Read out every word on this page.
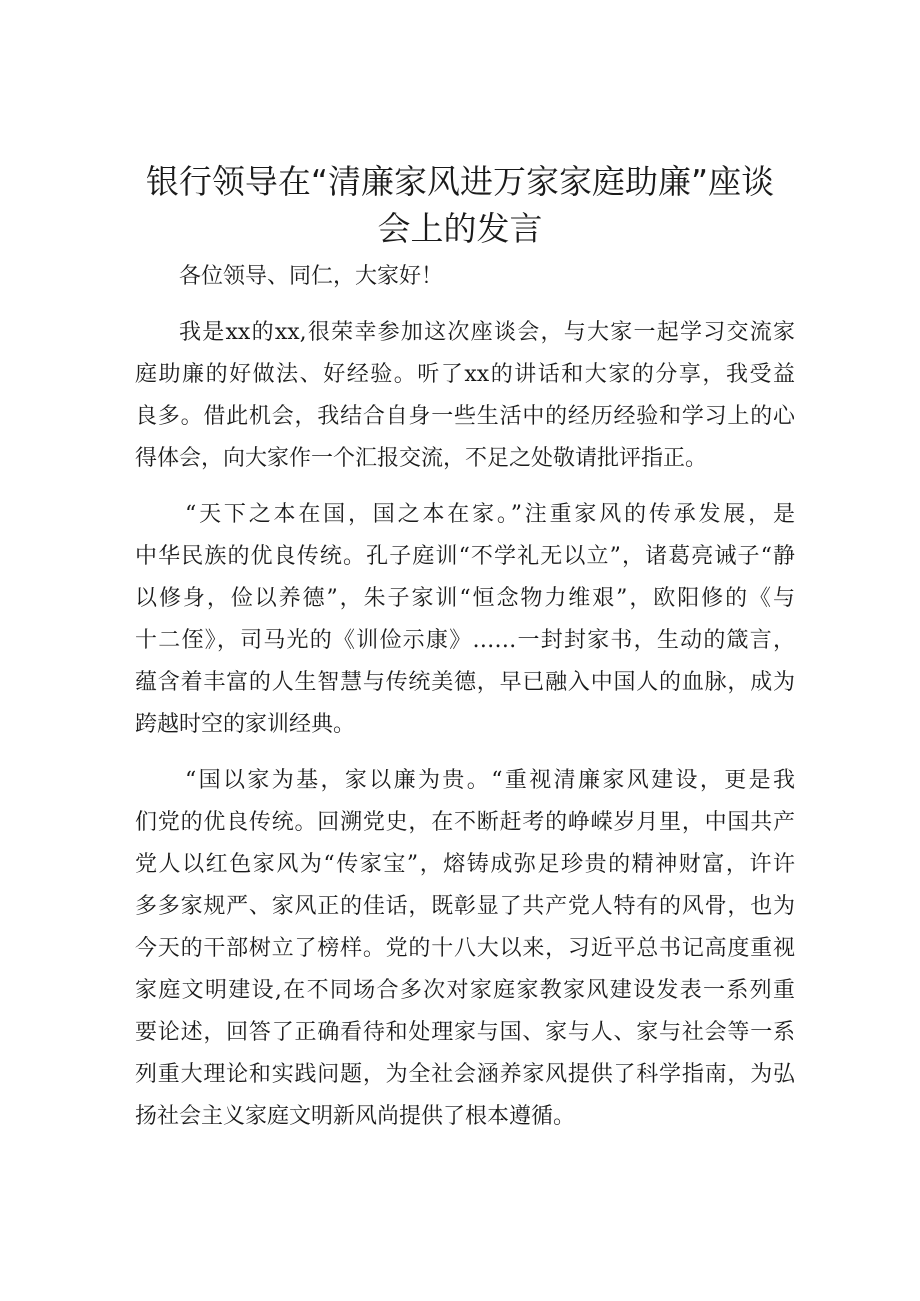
银行领导在“清廉家风进万家家庭助廉”座谈
会上的发言

各位领导、同仁，大家好！

我是xx的xx,很荣幸参加这次座谈会，与大家一起学习交流家
庭助廉的好做法、好经验。听了xx的讲话和大家的分享，我受益
良多。借此机会，我结合自身一些生活中的经历经验和学习上的心
得体会，向大家作一个汇报交流，不足之处敬请批评指正。

“天下之本在国，国之本在家。”注重家风的传承发展，是
中华民族的优良传统。孔子庭训“不学礼无以立”，诸葛亮诫子“静
以修身，俭以养德”，朱子家训“恒念物力维艰”，欧阳修的《与
十二侄》，司马光的《训俭示康》……一封封家书，生动的箴言，
蕴含着丰富的人生智慧与传统美德，早已融入中国人的血脉，成为
跨越时空的家训经典。

“国以家为基，家以廉为贵。“重视清廉家风建设，更是我
们党的优良传统。回溯党史，在不断赶考的峥嵘岁月里，中国共产
党人以红色家风为“传家宝”，熔铸成弥足珍贵的精神财富，许许
多多家规严、家风正的佳话，既彰显了共产党人特有的风骨，也为
今天的干部树立了榜样。党的十八大以来，习近平总书记高度重视
家庭文明建设,在不同场合多次对家庭家教家风建设发表一系列重
要论述，回答了正确看待和处理家与国、家与人、家与社会等一系
列重大理论和实践问题，为全社会涵养家风提供了科学指南，为弘
扬社会主义家庭文明新风尚提供了根本遵循。
